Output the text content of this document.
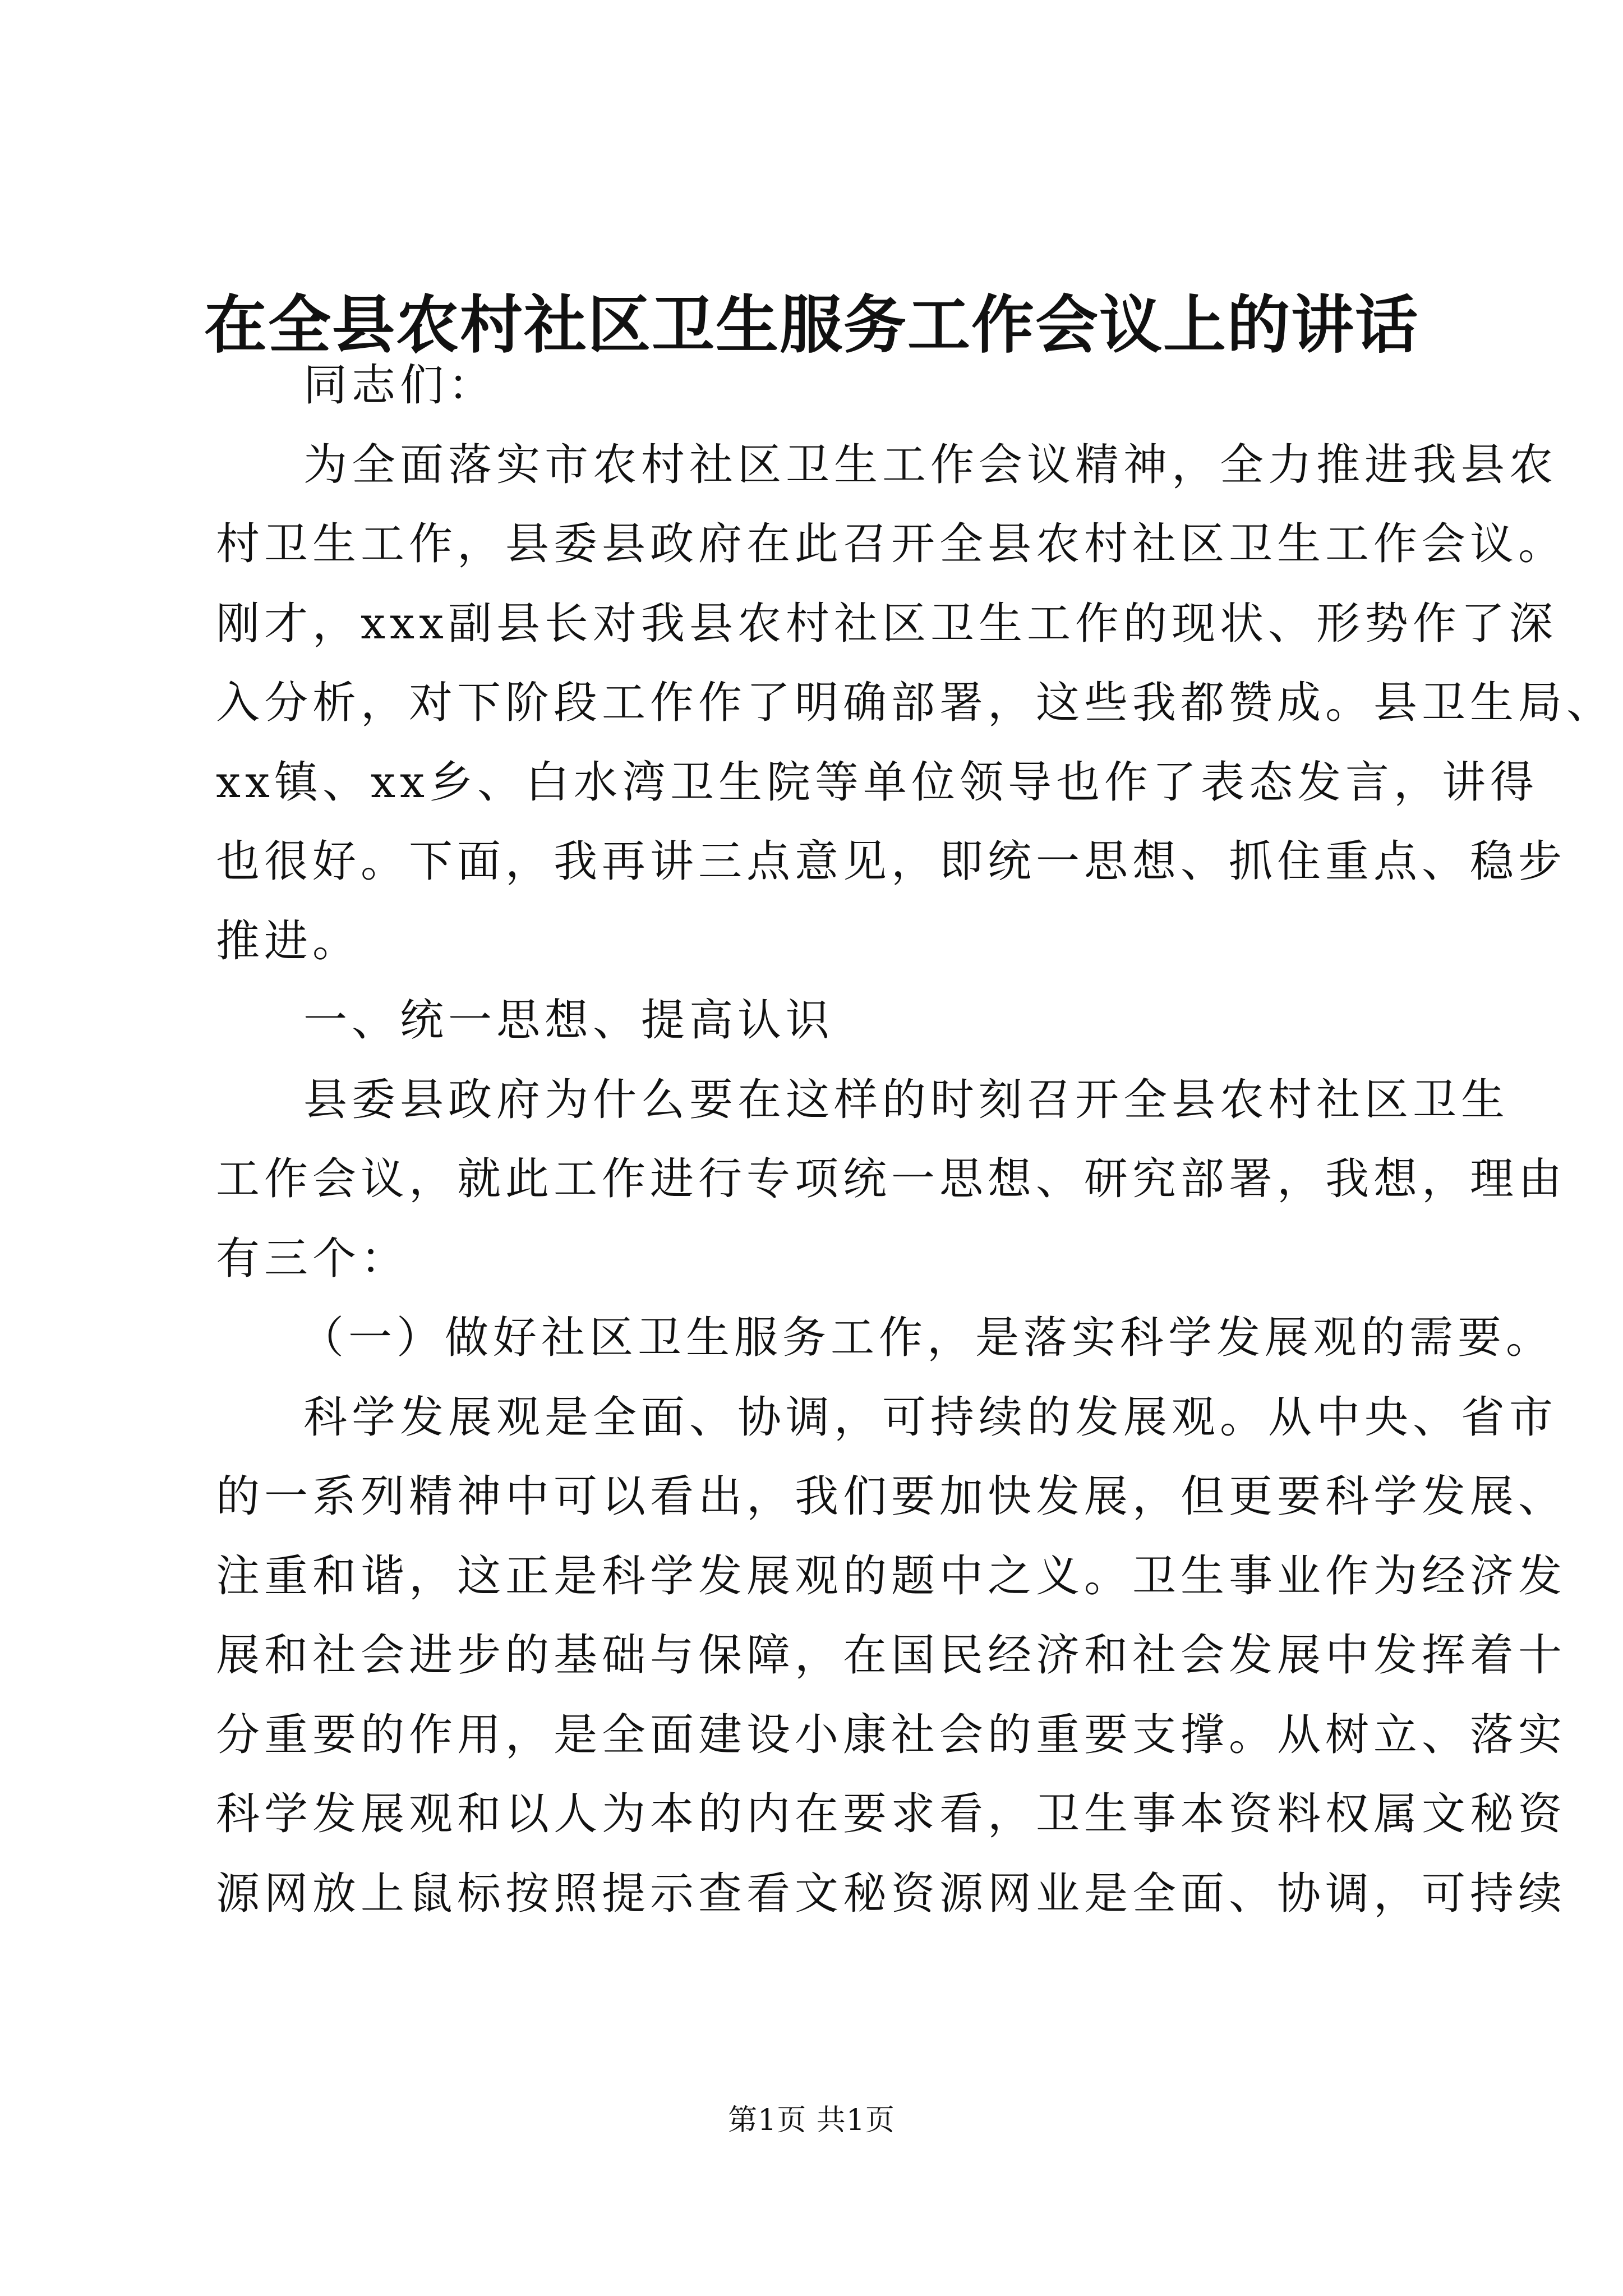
在全县农村社区卫生服务工作会议上的讲话
同志们：
为全面落实市农村社区卫生工作会议精神，全力推进我县农
村卫生工作，县委县政府在此召开全县农村社区卫生工作会议。
刚才，xxx副县长对我县农村社区卫生工作的现状、形势作了深
入分析，对下阶段工作作了明确部署，这些我都赞成。县卫生局、
xx镇、xx乡、白水湾卫生院等单位领导也作了表态发言，讲得
也很好。下面，我再讲三点意见，即统一思想、抓住重点、稳步
推进。
一、统一思想、提高认识
县委县政府为什么要在这样的时刻召开全县农村社区卫生
工作会议，就此工作进行专项统一思想、研究部署，我想，理由
有三个：
（一）做好社区卫生服务工作，是落实科学发展观的需要。
科学发展观是全面、协调，可持续的发展观。从中央、省市
的一系列精神中可以看出，我们要加快发展，但更要科学发展、
注重和谐，这正是科学发展观的题中之义。卫生事业作为经济发
展和社会进步的基础与保障，在国民经济和社会发展中发挥着十
分重要的作用，是全面建设小康社会的重要支撑。从树立、落实
科学发展观和以人为本的内在要求看，卫生事本资料权属文秘资
源网放上鼠标按照提示查看文秘资源网业是全面、协调，可持续
第1页 共1页
